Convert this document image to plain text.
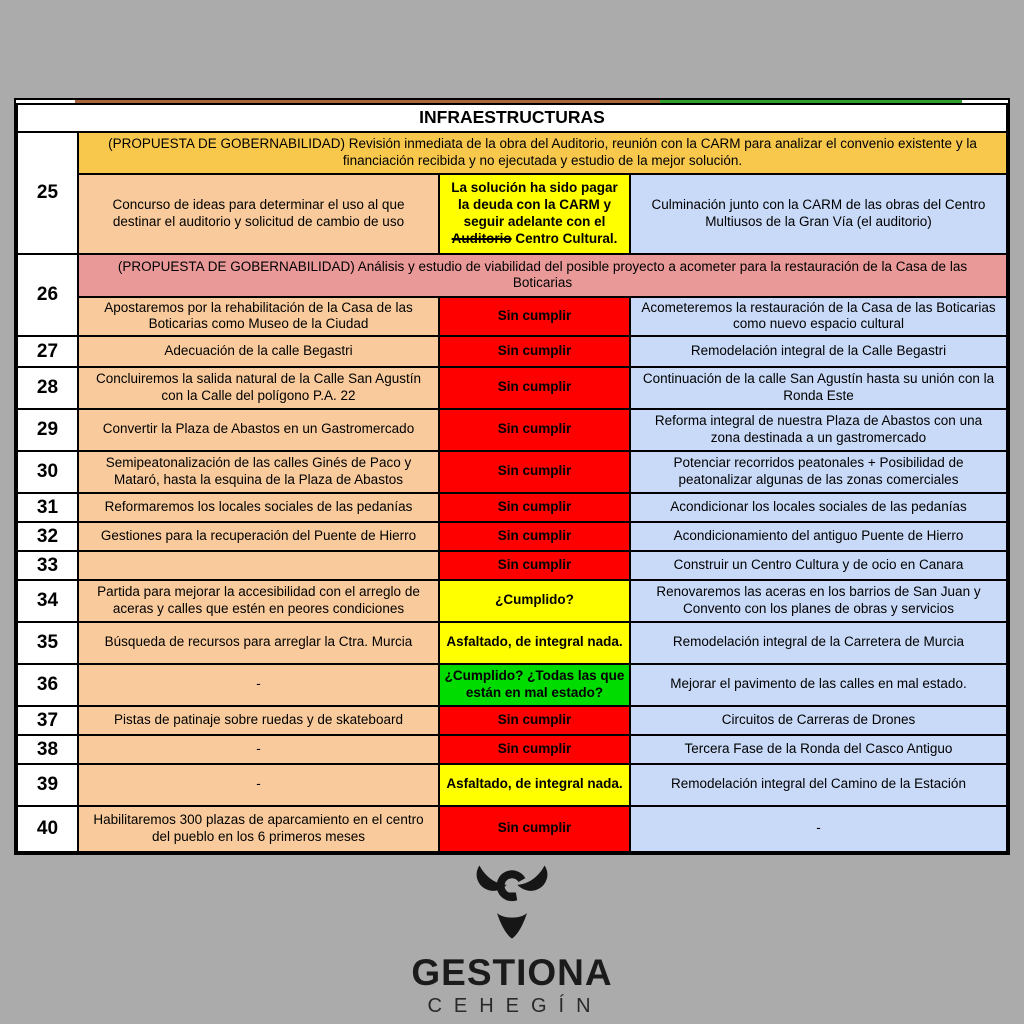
INFRAESTRUCTURAS			
25	(PROPUESTA DE GOBERNABILIDAD) Revisión inmediata de la obra del Auditorio, reunión con la CARM para analizar el convenio existente y la financiación recibida y no ejecutada y estudio de la mejor solución.		
	Concurso de ideas para determinar el uso al que destinar el auditorio y solicitud de cambio de uso	La solución ha sido pagar la deuda con la CARM y seguir adelante con el Auditorio Centro Cultural.	Culminación junto con la CARM de las obras del Centro Multiusos de la Gran Vía (el auditorio)
26	(PROPUESTA DE GOBERNABILIDAD) Análisis y estudio de viabilidad del posible proyecto a acometer para la restauración de la Casa de las Boticarias		
	Apostaremos por la rehabilitación de la Casa de las Boticarias como Museo de la Ciudad	Sin cumplir	Acometeremos la restauración de la Casa de las Boticarias como nuevo espacio cultural
27	Adecuación de la calle Begastri	Sin cumplir	Remodelación integral de la Calle Begastri
28	Concluiremos la salida natural de la Calle San Agustín con la Calle del polígono P.A. 22	Sin cumplir	Continuación de la calle San Agustín hasta su unión con la Ronda Este
29	Convertir la Plaza de Abastos en un Gastromercado	Sin cumplir	Reforma integral de nuestra Plaza de Abastos con una zona destinada a un gastromercado
30	Semipeatonalización de las calles Ginés de Paco y Mataró, hasta la esquina de la Plaza de Abastos	Sin cumplir	Potenciar recorridos peatonales + Posibilidad de peatonalizar algunas de las zonas comerciales
31	Reformaremos los locales sociales de las pedanías	Sin cumplir	Acondicionar los locales sociales de las pedanías
32	Gestiones para la recuperación del Puente de Hierro	Sin cumplir	Acondicionamiento del antiguo Puente de Hierro
33		Sin cumplir	Construir un Centro Cultura y de ocio en Canara
34	Partida para mejorar la accesibilidad con el arreglo de aceras y calles que estén en peores condiciones	¿Cumplido?	Renovaremos las aceras en los barrios de San Juan y Convento con los planes de obras y servicios
35	Búsqueda de recursos para arreglar la Ctra. Murcia	Asfaltado, de integral nada.	Remodelación integral de la Carretera de Murcia
36	-	¿Cumplido? ¿Todas las que están en mal estado?	Mejorar el pavimento de las calles en mal estado.
37	Pistas de patinaje sobre ruedas y de skateboard	Sin cumplir	Circuitos de Carreras de Drones
38	-	Sin cumplir	Tercera Fase de la Ronda del Casco Antiguo
39	-	Asfaltado, de integral nada.	Remodelación integral del Camino de la Estación
40	Habilitaremos 300 plazas de aparcamiento en el centro del pueblo en los 6 primeros meses	Sin cumplir	-
GESTIONA
CEHEGÍN
